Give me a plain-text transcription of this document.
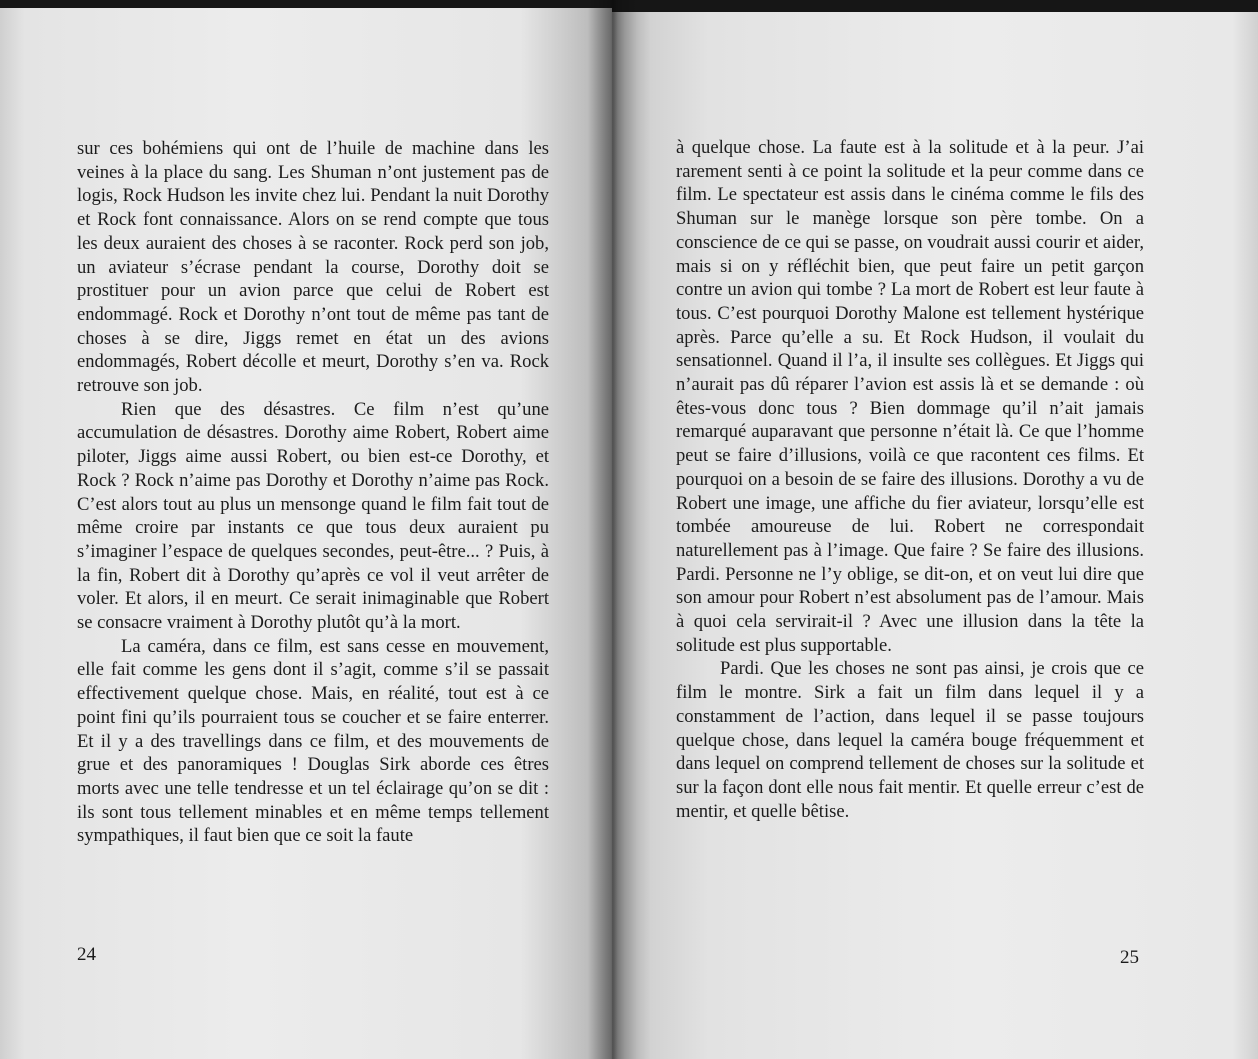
sur ces bohémiens qui ont de l’huile de machine dans les veines à la place du sang. Les Shuman n’ont justement pas de logis, Rock Hudson les invite chez lui. Pendant la nuit Dorothy et Rock font connaissance. Alors on se rend compte que tous les deux auraient des choses à se raconter. Rock perd son job, un aviateur s’écrase pendant la course, Dorothy doit se prostituer pour un avion parce que celui de Robert est endommagé. Rock et Dorothy n’ont tout de même pas tant de choses à se dire, Jiggs remet en état un des avions endommagés, Robert décolle et meurt, Dorothy s’en va. Rock retrouve son job.

Rien que des désastres. Ce film n’est qu’une accumulation de désastres. Dorothy aime Robert, Robert aime piloter, Jiggs aime aussi Robert, ou bien est-ce Dorothy, et Rock ? Rock n’aime pas Dorothy et Dorothy n’aime pas Rock. C’est alors tout au plus un mensonge quand le film fait tout de même croire par instants ce que tous deux auraient pu s’imaginer l’espace de quelques secondes, peut-être... ? Puis, à la fin, Robert dit à Dorothy qu’après ce vol il veut arrêter de voler. Et alors, il en meurt. Ce serait inimaginable que Robert se consacre vraiment à Dorothy plutôt qu’à la mort.

La caméra, dans ce film, est sans cesse en mouvement, elle fait comme les gens dont il s’agit, comme s’il se passait effectivement quelque chose. Mais, en réalité, tout est à ce point fini qu’ils pourraient tous se coucher et se faire enterrer. Et il y a des travellings dans ce film, et des mouvements de grue et des panoramiques ! Douglas Sirk aborde ces êtres morts avec une telle tendresse et un tel éclairage qu’on se dit : ils sont tous tellement minables et en même temps tellement sympathiques, il faut bien que ce soit la faute

24

à quelque chose. La faute est à la solitude et à la peur. J’ai rarement senti à ce point la solitude et la peur comme dans ce film. Le spectateur est assis dans le cinéma comme le fils des Shuman sur le manège lorsque son père tombe. On a conscience de ce qui se passe, on voudrait aussi courir et aider, mais si on y réfléchit bien, que peut faire un petit garçon contre un avion qui tombe ? La mort de Robert est leur faute à tous. C’est pourquoi Dorothy Malone est tellement hystérique après. Parce qu’elle a su. Et Rock Hudson, il voulait du sensationnel. Quand il l’a, il insulte ses collègues. Et Jiggs qui n’aurait pas dû réparer l’avion est assis là et se demande : où êtes-vous donc tous ? Bien dommage qu’il n’ait jamais remarqué auparavant que personne n’était là. Ce que l’homme peut se faire d’illusions, voilà ce que racontent ces films. Et pourquoi on a besoin de se faire des illusions. Dorothy a vu de Robert une image, une affiche du fier aviateur, lorsqu’elle est tombée amoureuse de lui. Robert ne correspondait naturellement pas à l’image. Que faire ? Se faire des illusions. Pardi. Personne ne l’y oblige, se dit-on, et on veut lui dire que son amour pour Robert n’est absolument pas de l’amour. Mais à quoi cela servirait-il ? Avec une illusion dans la tête la solitude est plus supportable.

Pardi. Que les choses ne sont pas ainsi, je crois que ce film le montre. Sirk a fait un film dans lequel il y a constamment de l’action, dans lequel il se passe toujours quelque chose, dans lequel la caméra bouge fréquemment et dans lequel on comprend tellement de choses sur la solitude et sur la façon dont elle nous fait mentir. Et quelle erreur c’est de mentir, et quelle bêtise.

25
